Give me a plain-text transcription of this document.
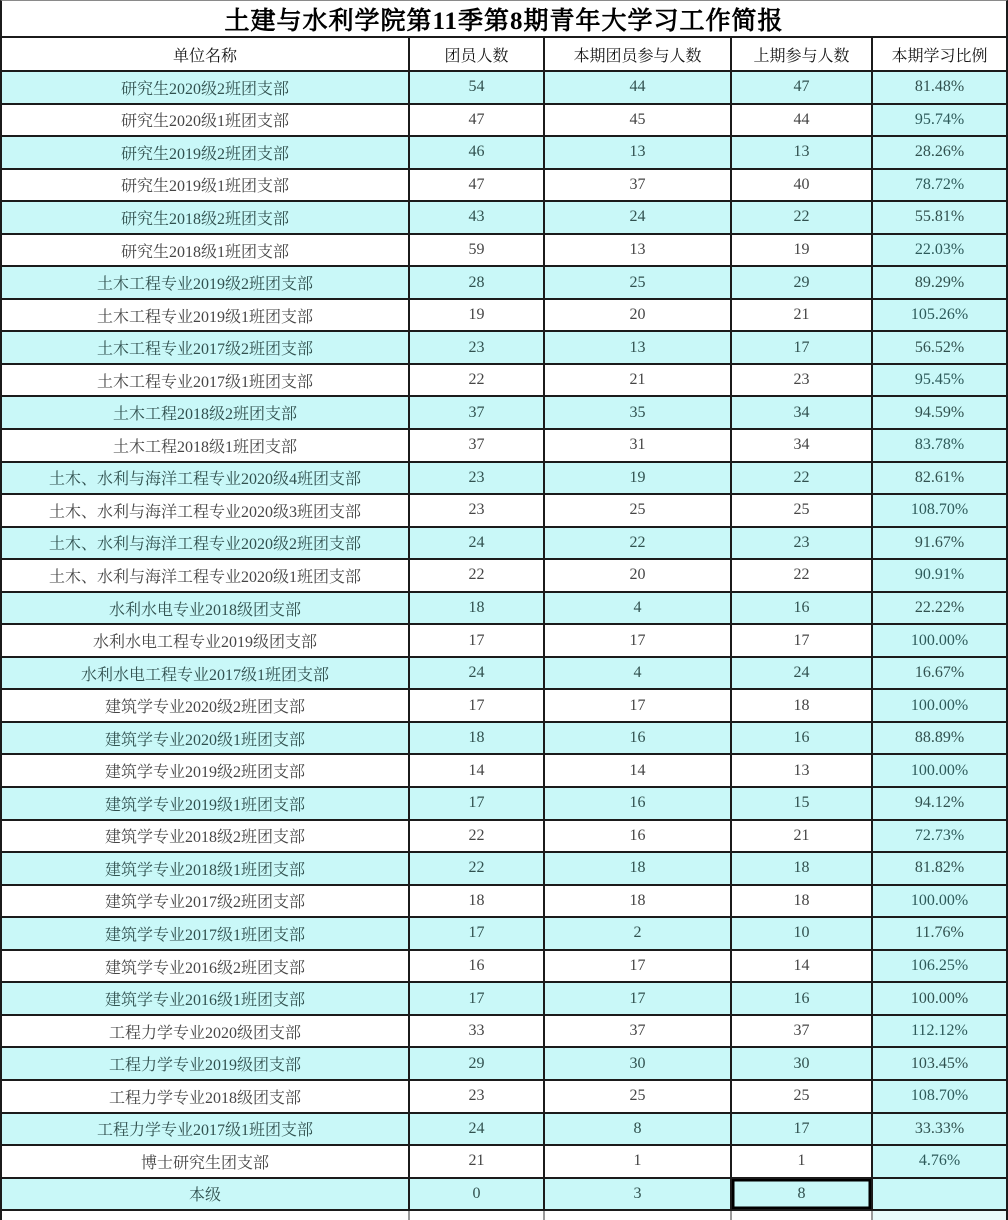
土建与水利学院第11季第8期青年大学习工作简报
单位名称	团员人数	本期团员参与人数	上期参与人数	本期学习比例
研究生2020级2班团支部	54	44	47	81.48%
研究生2020级1班团支部	47	45	44	95.74%
研究生2019级2班团支部	46	13	13	28.26%
研究生2019级1班团支部	47	37	40	78.72%
研究生2018级2班团支部	43	24	22	55.81%
研究生2018级1班团支部	59	13	19	22.03%
土木工程专业2019级2班团支部	28	25	29	89.29%
土木工程专业2019级1班团支部	19	20	21	105.26%
土木工程专业2017级2班团支部	23	13	17	56.52%
土木工程专业2017级1班团支部	22	21	23	95.45%
土木工程2018级2班团支部	37	35	34	94.59%
土木工程2018级1班团支部	37	31	34	83.78%
土木、水利与海洋工程专业2020级4班团支部	23	19	22	82.61%
土木、水利与海洋工程专业2020级3班团支部	23	25	25	108.70%
土木、水利与海洋工程专业2020级2班团支部	24	22	23	91.67%
土木、水利与海洋工程专业2020级1班团支部	22	20	22	90.91%
水利水电专业2018级团支部	18	4	16	22.22%
水利水电工程专业2019级团支部	17	17	17	100.00%
水利水电工程专业2017级1班团支部	24	4	24	16.67%
建筑学专业2020级2班团支部	17	17	18	100.00%
建筑学专业2020级1班团支部	18	16	16	88.89%
建筑学专业2019级2班团支部	14	14	13	100.00%
建筑学专业2019级1班团支部	17	16	15	94.12%
建筑学专业2018级2班团支部	22	16	21	72.73%
建筑学专业2018级1班团支部	22	18	18	81.82%
建筑学专业2017级2班团支部	18	18	18	100.00%
建筑学专业2017级1班团支部	17	2	10	11.76%
建筑学专业2016级2班团支部	16	17	14	106.25%
建筑学专业2016级1班团支部	17	17	16	100.00%
工程力学专业2020级团支部	33	37	37	112.12%
工程力学专业2019级团支部	29	30	30	103.45%
工程力学专业2018级团支部	23	25	25	108.70%
工程力学专业2017级1班团支部	24	8	17	33.33%
博士研究生团支部	21	1	1	4.76%
本级	0	3	8
